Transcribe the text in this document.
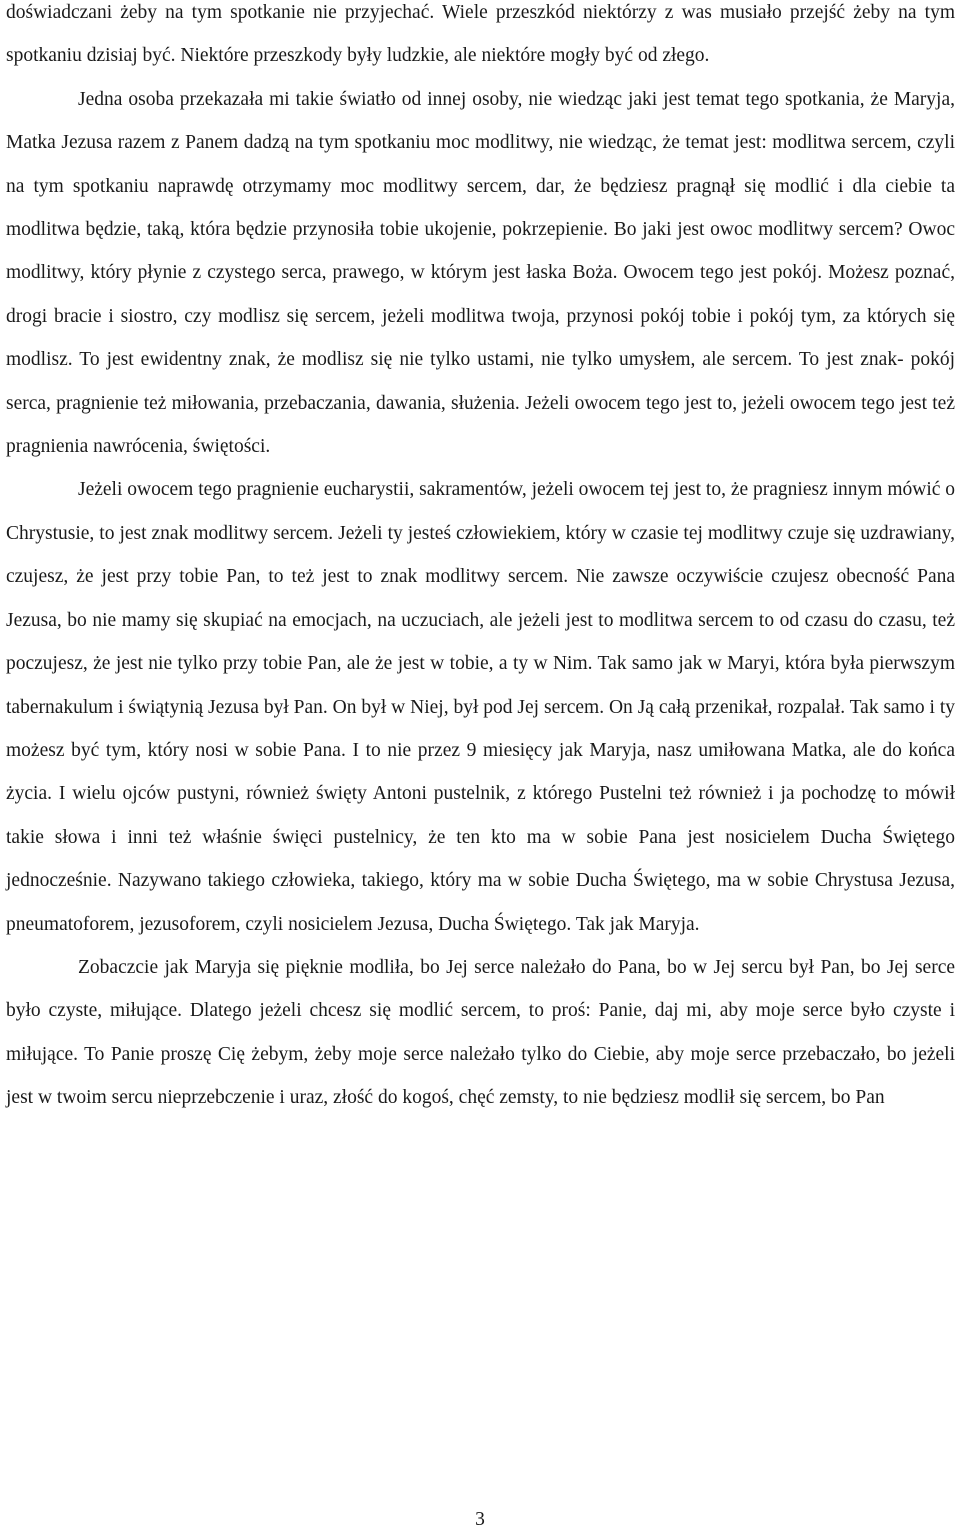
doświadczani żeby na tym spotkanie nie przyjechać. Wiele przeszkód niektórzy z was musiało przejść żeby na tym spotkaniu dzisiaj być. Niektóre przeszkody były ludzkie, ale niektóre mogły być od złego.

Jedna osoba przekazała mi takie światło od innej osoby, nie wiedząc jaki jest temat tego spotkania, że Maryja, Matka Jezusa razem z Panem dadzą na tym spotkaniu moc modlitwy, nie wiedząc, że temat jest: modlitwa sercem, czyli na tym spotkaniu naprawdę otrzymamy moc modlitwy sercem, dar, że będziesz pragnął się modlić i dla ciebie ta modlitwa będzie, taką, która będzie przynosiła tobie ukojenie, pokrzepienie. Bo jaki jest owoc modlitwy sercem? Owoc modlitwy, który płynie z czystego serca, prawego, w którym jest łaska Boża. Owocem tego jest pokój. Możesz poznać, drogi bracie i siostro, czy modlisz się sercem, jeżeli modlitwa twoja, przynosi pokój tobie i pokój tym, za których się modlisz. To jest ewidentny znak, że modlisz się nie tylko ustami, nie tylko umysłem, ale sercem. To jest znak- pokój serca, pragnienie też miłowania, przebaczania, dawania, służenia. Jeżeli owocem tego jest to, jeżeli owocem tego jest też pragnienia nawrócenia, świętości.

Jeżeli owocem tego pragnienie eucharystii, sakramentów, jeżeli owocem tej jest to, że pragniesz innym mówić o Chrystusie, to jest znak modlitwy sercem. Jeżeli ty jesteś człowiekiem, który w czasie tej modlitwy czuje się uzdrawiany, czujesz, że jest przy tobie Pan, to też jest to znak modlitwy sercem. Nie zawsze oczywiście czujesz obecność Pana Jezusa, bo nie mamy się skupiać na emocjach, na uczuciach, ale jeżeli jest to modlitwa sercem to od czasu do czasu, też poczujesz, że jest nie tylko przy tobie Pan, ale że jest w tobie, a ty w Nim. Tak samo jak w Maryi, która była pierwszym tabernakulum i świątynią Jezusa był Pan. On był w Niej, był pod Jej sercem. On Ją całą przenikał, rozpalał. Tak samo i ty możesz być tym, który nosi w sobie Pana. I to nie przez 9 miesięcy jak Maryja, nasz umiłowana Matka, ale do końca życia. I wielu ojców pustyni, również święty Antoni pustelnik, z którego Pustelni też również i ja pochodzę to mówił takie słowa i inni też właśnie święci pustelnicy, że ten kto ma w sobie Pana jest nosicielem Ducha Świętego jednocześnie. Nazywano takiego człowieka, takiego, który ma w sobie Ducha Świętego, ma w sobie Chrystusa Jezusa, pneumatoforem, jezusoforem, czyli nosicielem Jezusa, Ducha Świętego. Tak jak Maryja.

Zobaczcie jak Maryja się pięknie modliła, bo Jej serce należało do Pana, bo w Jej sercu był Pan, bo Jej serce było czyste, miłujące. Dlatego jeżeli chcesz się modlić sercem, to proś: Panie, daj mi, aby moje serce było czyste i miłujące. To Panie proszę Cię żebym, żeby moje serce należało tylko do Ciebie, aby moje serce przebaczało, bo jeżeli jest w twoim sercu nieprzebczenie i uraz, złość do kogoś, chęć zemsty, to nie będziesz modlił się sercem, bo Pan

3
